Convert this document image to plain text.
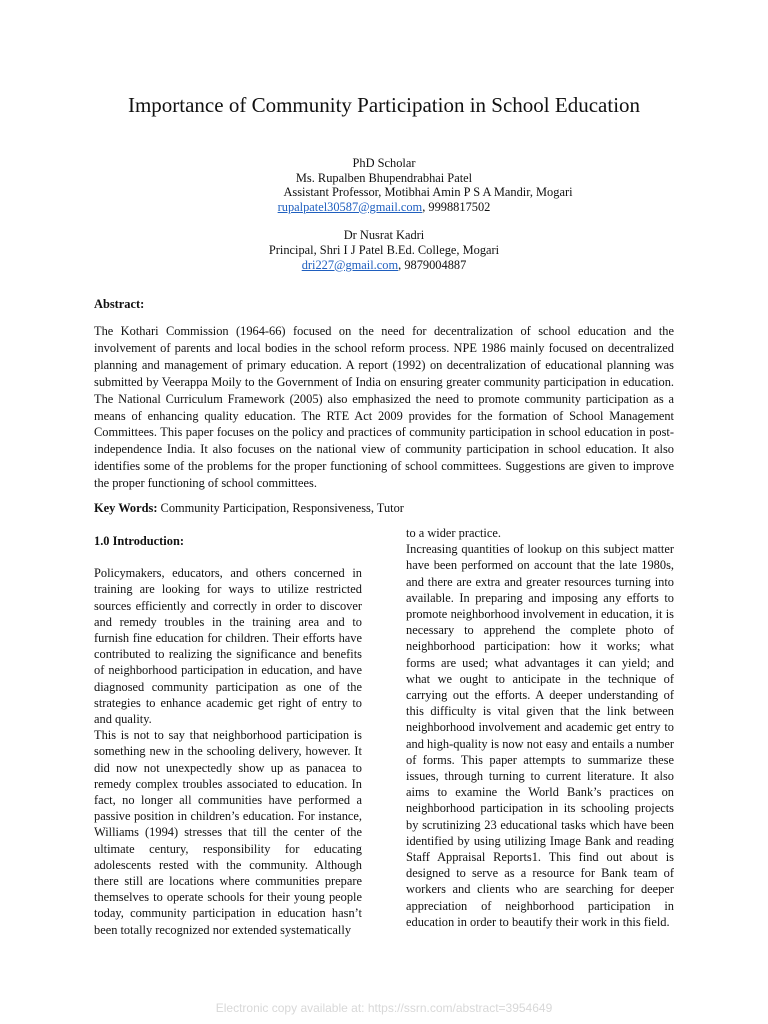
Importance of Community Participation in School Education
PhD Scholar
Ms. Rupalben Bhupendrabhai Patel
Assistant Professor, Motibhai Amin P S A Mandir, Mogari
rupalpatel30587@gmail.com, 9998817502
Dr Nusrat Kadri
Principal, Shri I J Patel B.Ed. College, Mogari
dri227@gmail.com, 9879004887
Abstract:
The Kothari Commission (1964-66) focused on the need for decentralization of school education and the involvement of parents and local bodies in the school reform process. NPE 1986 mainly focused on decentralized planning and management of primary education. A report (1992) on decentralization of educational planning was submitted by Veerappa Moily to the Government of India on ensuring greater community participation in education. The National Curriculum Framework (2005) also emphasized the need to promote community participation as a means of enhancing quality education. The RTE Act 2009 provides for the formation of School Management Committees. This paper focuses on the policy and practices of community participation in school education in post-independence India. It also focuses on the national view of community participation in school education. It also identifies some of the problems for the proper functioning of school committees. Suggestions are given to improve the proper functioning of school committees.
Key Words: Community Participation, Responsiveness, Tutor
1.0 Introduction:

Policymakers, educators, and others concerned in training are looking for ways to utilize restricted sources efficiently and correctly in order to discover and remedy troubles in the training area and to furnish fine education for children. Their efforts have contributed to realizing the significance and benefits of neighborhood participation in education, and have diagnosed community participation as one of the strategies to enhance academic get right of entry to and quality.

This is not to say that neighborhood participation is something new in the schooling delivery, however. It did now not unexpectedly show up as panacea to remedy complex troubles associated to education. In fact, no longer all communities have performed a passive position in children’s education. For instance, Williams (1994) stresses that till the center of the ultimate century, responsibility for educating adolescents rested with the community. Although there still are locations where communities prepare themselves to operate schools for their young people today, community participation in education hasn’t been totally recognized nor extended systematically

to a wider practice.

Increasing quantities of lookup on this subject matter have been performed on account that the late 1980s, and there are extra and greater resources turning into available. In preparing and imposing any efforts to promote neighborhood involvement in education, it is necessary to apprehend the complete photo of neighborhood participation: how it works; what forms are used; what advantages it can yield; and what we ought to anticipate in the technique of carrying out the efforts. A deeper understanding of this difficulty is vital given that the link between neighborhood involvement and academic get entry to and high-quality is now not easy and entails a number of forms. This paper attempts to summarize these issues, through turning to current literature. It also aims to examine the World Bank’s practices on neighborhood participation in its schooling projects by scrutinizing 23 educational tasks which have been identified by using utilizing Image Bank and reading Staff Appraisal Reports1. This find out about is designed to serve as a resource for Bank team of workers and clients who are searching for deeper appreciation of neighborhood participation in education in order to beautify their work in this field.

Electronic copy available at: https://ssrn.com/abstract=3954649
